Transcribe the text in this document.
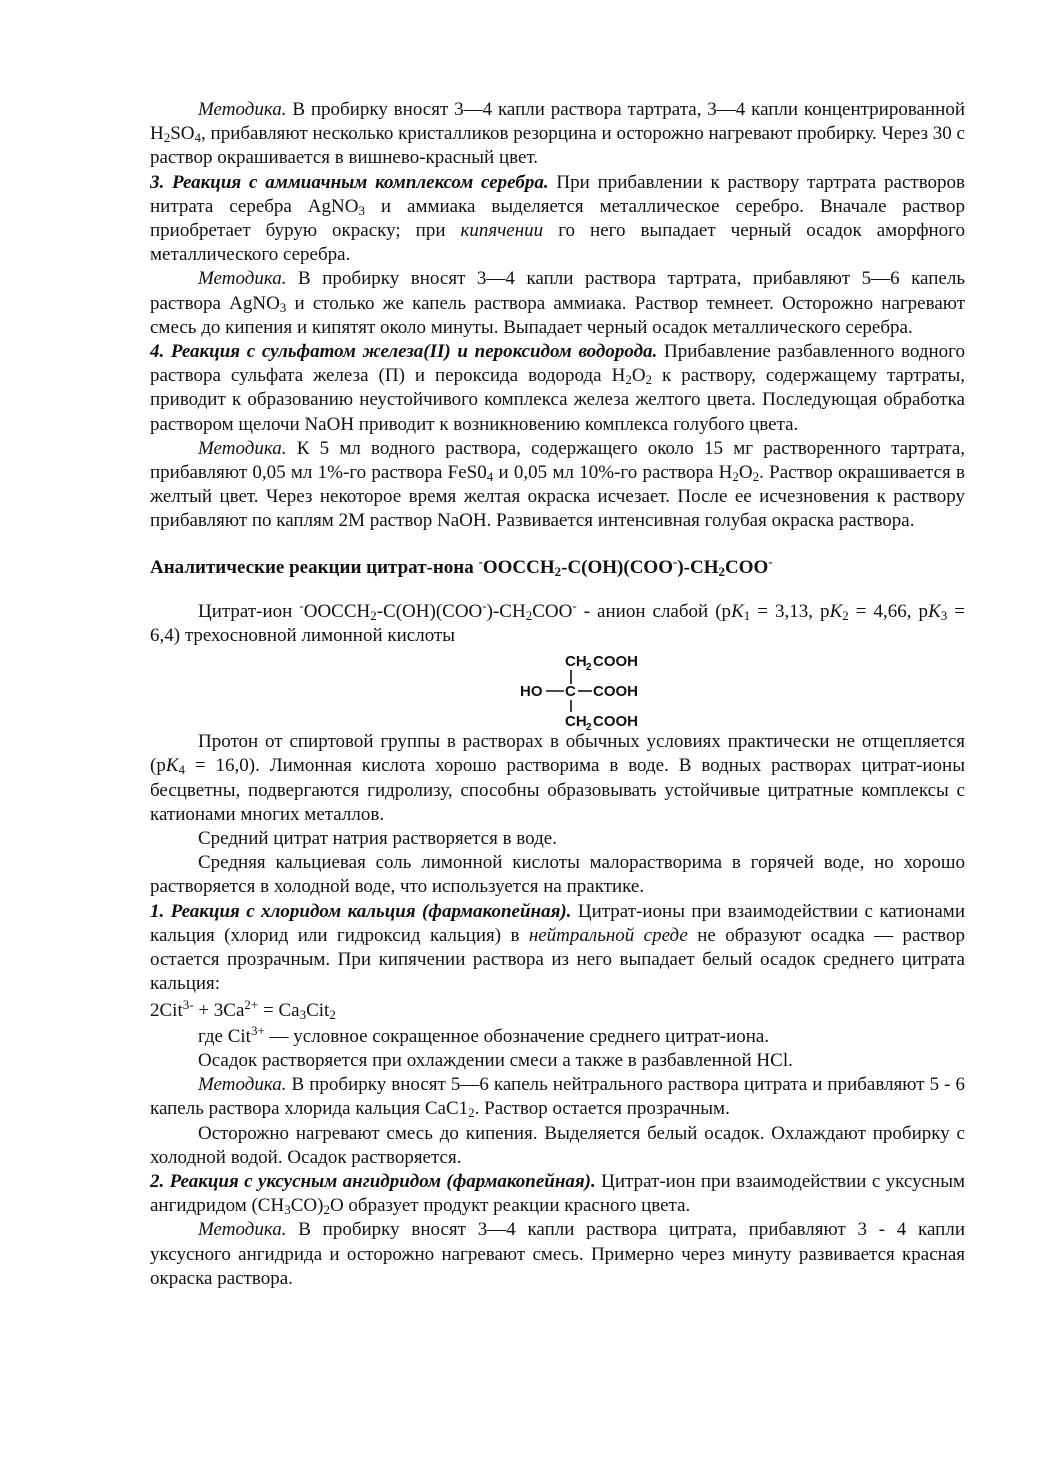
Методика. В пробирку вносят 3—4 капли раствора тартрата, 3—4 капли концентрированной $H_2SO_4$, прибавляют несколько кристалликов резорцина и осторожно нагревают пробирку. Через 30 с раствор окрашивается в вишнево-красный цвет.

3. Реакция с аммиачным комплексом серебра. При прибавлении к раствору тартрата растворов нитрата серебра AgNO$_3$ и аммиака выделяется металлическое серебро. Вначале раствор приобретает бурую окраску; при кипячении го него выпадает черный осадок аморфного металлического серебра.

Методика. В пробирку вносят 3—4 капли раствора тартрата, прибавляют 5—6 капель раствора AgNO$_3$ и столько же капель раствора аммиака. Раствор темнеет. Осторожно нагревают смесь до кипения и кипятят около минуты. Выпадает черный осадок металлического серебра.

4. Реакция с сульфатом железа(II) и пероксидом водорода. Прибавление разбавленного водного раствора сульфата железа (П) и пероксида водорода $H_2O_2$ к раствору, содержащему тартраты, приводит к образованию неустойчивого комплекса железа желтого цвета. Последующая обработка раствором щелочи NaOH приводит к возникновению комплекса голубого цвета.

Методика. К 5 мл водного раствора, содержащего около 15 мг растворенного тартрата, прибавляют 0,05 мл 1%-го раствора $FeS0_4$ и 0,05 мл 10%-го раствора $H_2O_2$. Раствор окрашивается в желтый цвет. Через некоторое время желтая окраска исчезает. После ее исчезновения к раствору прибавляют по каплям 2М раствор NaOH. Развивается интенсивная голубая окраска раствора.

Аналитические реакции цитрат-нона $^-OOCCH_2-C(OH)(COO^-)-CH_2COO^-$

Цитрат-ион $^-OOCCH_2-C(OH)(COO^-)-CH_2COO^-$ - анион слабой ($pK_1 = 3,13$, $pK_2 = 4,66$, $pK_3 = 6,4$) трехосновной лимонной кислоты

CH 2 COOH
HO C COOH
CH 2 COOH

Протон от спиртовой группы в растворах в обычных условиях практически не отщепляется $(pK_4 = 16,0)$. Лимонная кислота хорошо растворима в воде. В водных растворах цитрат-ионы бесцветны, подвергаются гидролизу, способны образовывать устойчивые цитратные комплексы с катионами многих металлов.

Средний цитрат натрия растворяется в воде.

Средняя кальциевая соль лимонной кислоты малорастворима в горячей воде, но хорошо растворяется в холодной воде, что используется на практике.

1. Реакция с хлоридом кальция (фармакопейная). Цитрат-ионы при взаимодействии с катионами кальция (хлорид или гидроксид кальция) в нейтральной среде не образуют осадка — раствор остается прозрачным. При кипячении раствора из него выпадает белый осадок среднего цитрата кальция:

$2Cit^{3-} + 3Ca^{2+} = Ca_3Cit_2$

где Cit$^{3+}$ — условное сокращенное обозначение среднего цитрат-иона.

Осадок растворяется при охлаждении смеси а также в разбавленной HCl.

Методика. В пробирку вносят 5—6 капель нейтрального раствора цитрата и прибавляют 5 - 6 капель раствора хлорида кальция $CaC1_2$. Раствор остается прозрачным.

Осторожно нагревают смесь до кипения. Выделяется белый осадок. Охлаждают пробирку с холодной водой. Осадок растворяется.

2. Реакция с уксусным ангидридом (фармакопейная). Цитрат-ион при взаимодействии с уксусным ангидридом $(CH_3CO)_2O$ образует продукт реакции красного цвета.

Методика. В пробирку вносят 3—4 капли раствора цитрата, прибавляют 3 - 4 капли уксусного ангидрида и осторожно нагревают смесь. Примерно через минуту развивается красная окраска раствора.
